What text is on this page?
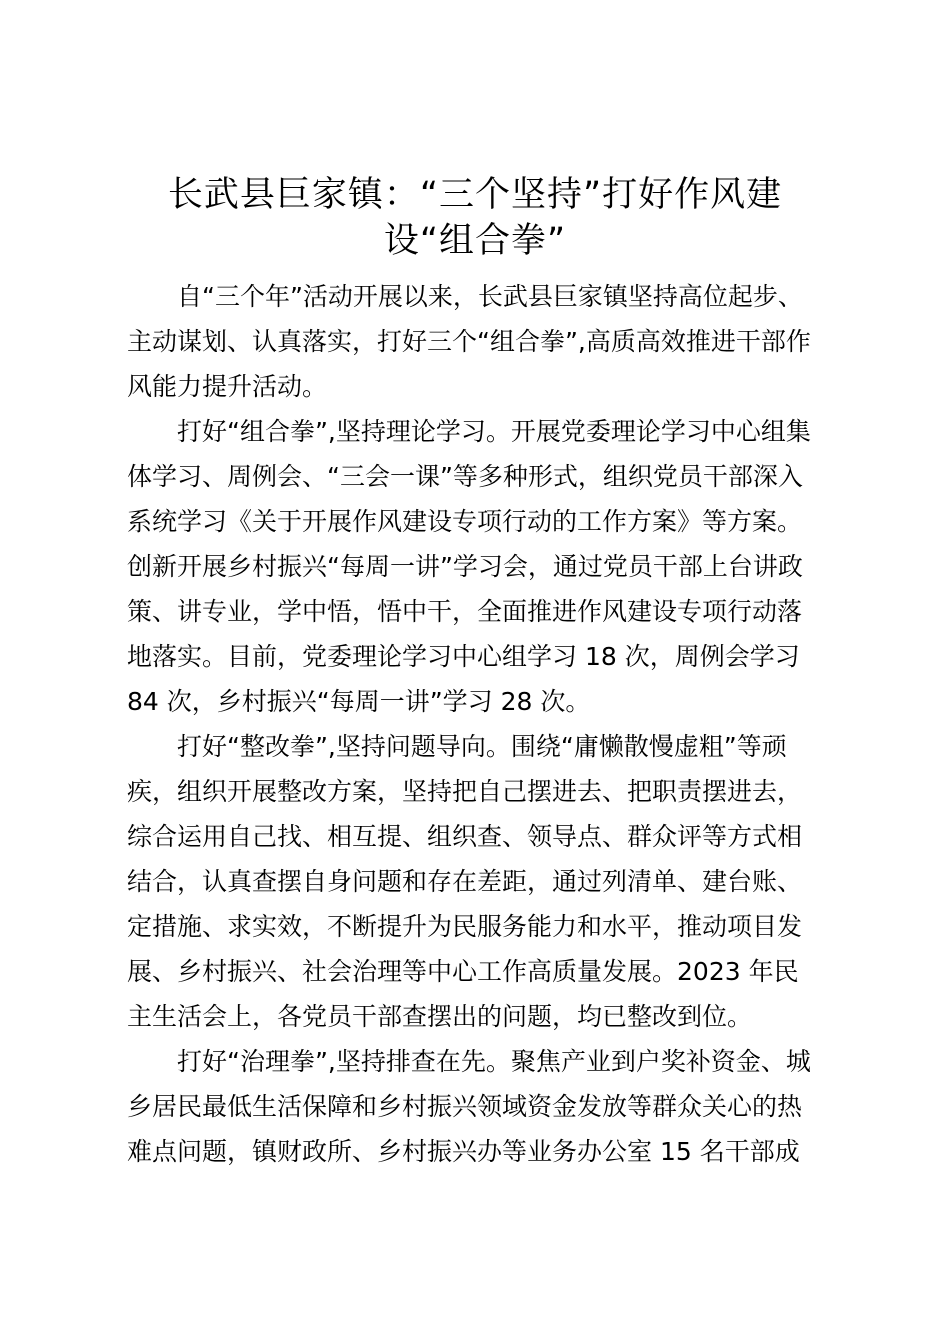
长武县巨家镇：“三个坚持”打好作风建
设“组合拳”

自“三个年”活动开展以来，长武县巨家镇坚持高位起步、
主动谋划、认真落实，打好三个“组合拳”,高质高效推进干部作
风能力提升活动。

打好“组合拳”,坚持理论学习。开展党委理论学习中心组集
体学习、周例会、“三会一课”等多种形式，组织党员干部深入
系统学习《关于开展作风建设专项行动的工作方案》等方案。
创新开展乡村振兴“每周一讲”学习会，通过党员干部上台讲政
策、讲专业，学中悟，悟中干，全面推进作风建设专项行动落
地落实。目前，党委理论学习中心组学习 18 次，周例会学习
84 次，乡村振兴“每周一讲”学习 28 次。

打好“整改拳”,坚持问题导向。围绕“庸懒散慢虚粗”等顽
疾，组织开展整改方案，坚持把自己摆进去、把职责摆进去，
综合运用自己找、相互提、组织查、领导点、群众评等方式相
结合，认真查摆自身问题和存在差距，通过列清单、建台账、
定措施、求实效，不断提升为民服务能力和水平，推动项目发
展、乡村振兴、社会治理等中心工作高质量发展。2023 年民
主生活会上，各党员干部查摆出的问题，均已整改到位。

打好“治理拳”,坚持排查在先。聚焦产业到户奖补资金、城
乡居民最低生活保障和乡村振兴领域资金发放等群众关心的热
难点问题，镇财政所、乡村振兴办等业务办公室 15 名干部成
